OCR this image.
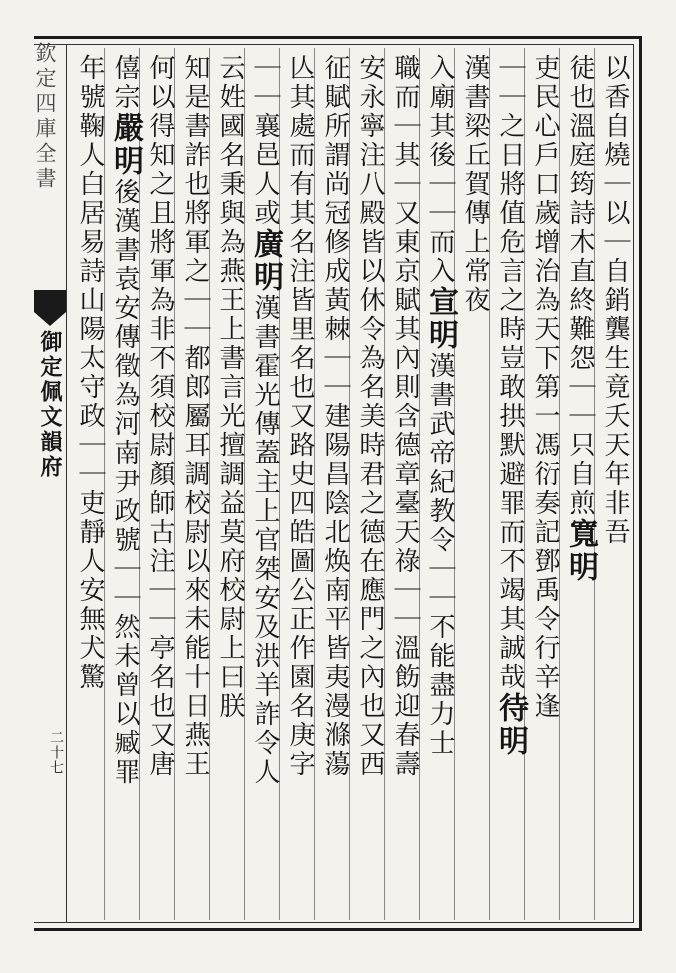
欽定四庫全書
御定佩文韻府
二十七
以香自燒｜以｜自銷龔生竟夭天年非吾
徒也溫庭筠詩木直終難怨｜｜只自煎寬明
吏民心戶口歲增治為天下第一馮衍奏記鄧禹令行辛逢
｜｜之日將值危言之時豈敢拱默避罪而不竭其誠哉待明
漢書梁丘賀傳上常夜
入廟其後｜｜而入宣明漢書武帝紀教令｜｜不能盡力士
職而｜其｜又東京賦其內則含德章臺天祿｜｜溫飭迎春壽
安永寧注八殿皆以休令為名美時君之德在應門之內也又西
征賦所謂尚冠修成黃棘｜｜建陽昌陰北焕南平皆夷漫滌蕩
亾其處而有其名注皆里名也又路史四皓圖公正作園名庚字
｜｜襄邑人或廣明漢書霍光傳蓋主上官桀安及洪羊詐令人
云姓國名秉與為燕王上書言光擅調益莫府校尉上曰朕
知是書詐也將軍之｜｜都郎屬耳調校尉以來未能十日燕王
何以得知之且將軍為非不須校尉顏師古注｜｜亭名也又唐
僖宗嚴明後漢書袁安傳徵為河南尹政號｜｜然未曾以臧罪
年號鞠人白居易詩山陽太守政｜｜吏靜人安無犬驚
